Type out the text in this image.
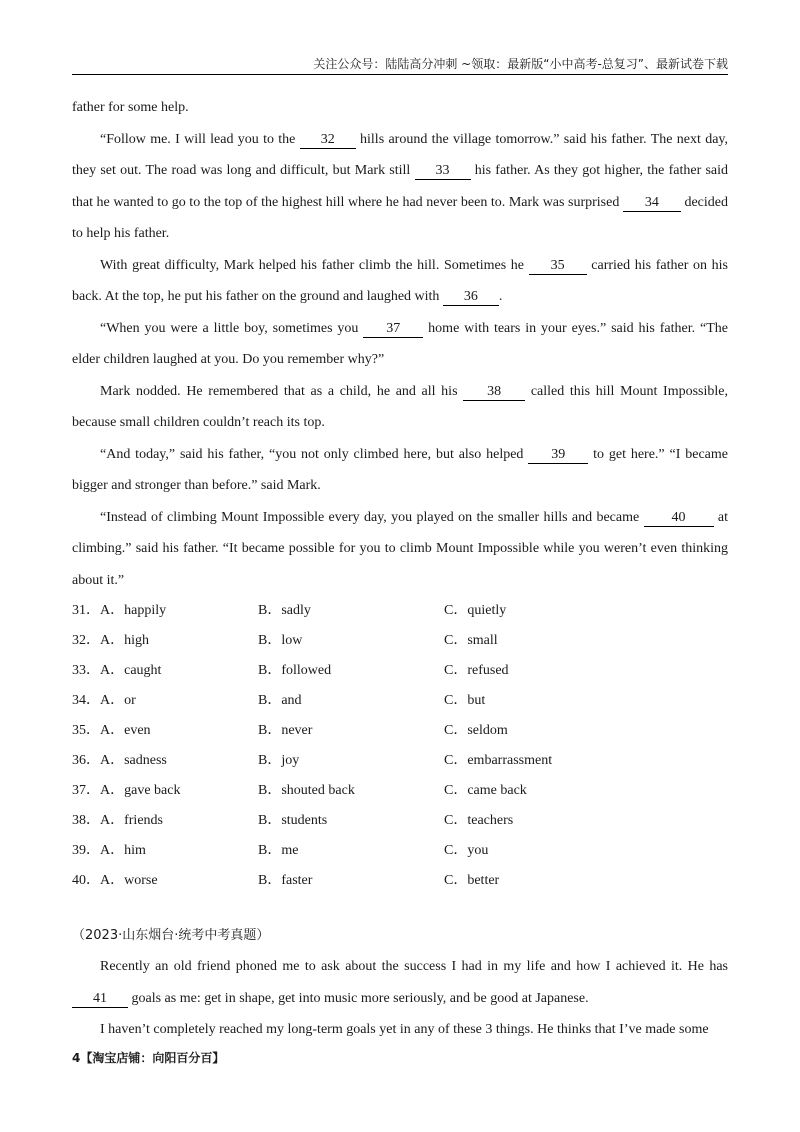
关注公众号：陆陆高分冲刺 ~领取：最新版“小中高考-总复习”、最新试卷下载

father for some help.

“Follow me. I will lead you to the 32 hills around the village tomorrow.” said his father. The next day, they set out. The road was long and difficult, but Mark still 33 his father. As they got higher, the father said that he wanted to go to the top of the highest hill where he had never been to. Mark was surprised 34 decided to help his father.

With great difficulty, Mark helped his father climb the hill. Sometimes he 35 carried his father on his back. At the top, he put his father on the ground and laughed with 36 .

“When you were a little boy, sometimes you 37 home with tears in your eyes.” said his father. “The elder children laughed at you. Do you remember why?”

Mark nodded. He remembered that as a child, he and all his 38 called this hill Mount Impossible, because small children couldn’t reach its top.

“And today,” said his father, “you not only climbed here, but also helped 39 to get here.” “I became bigger and stronger than before.” said Mark.

“Instead of climbing Mount Impossible every day, you played on the smaller hills and became 40 at climbing.” said his father. “It became possible for you to climb Mount Impossible while you weren’t even thinking about it.”

31．A．happily	B．sadly	C．quietly
32．A．high	B．low	C．small
33．A．caught	B．followed	C．refused
34．A．or	B．and	C．but
35．A．even	B．never	C．seldom
36．A．sadness	B．joy	C．embarrassment
37．A．gave back	B．shouted back	C．came back
38．A．friends	B．students	C．teachers
39．A．him	B．me	C．you
40．A．worse	B．faster	C．better
（2023·山东烟台·统考中考真题）

Recently an old friend phoned me to ask about the success I had in my life and how I achieved it. He has 41 goals as me: get in shape, get into music more seriously, and be good at Japanese.

I haven’t completely reached my long-term goals yet in any of these 3 things. He thinks that I’ve made some

4【淘宝店铺：向阳百分百】
